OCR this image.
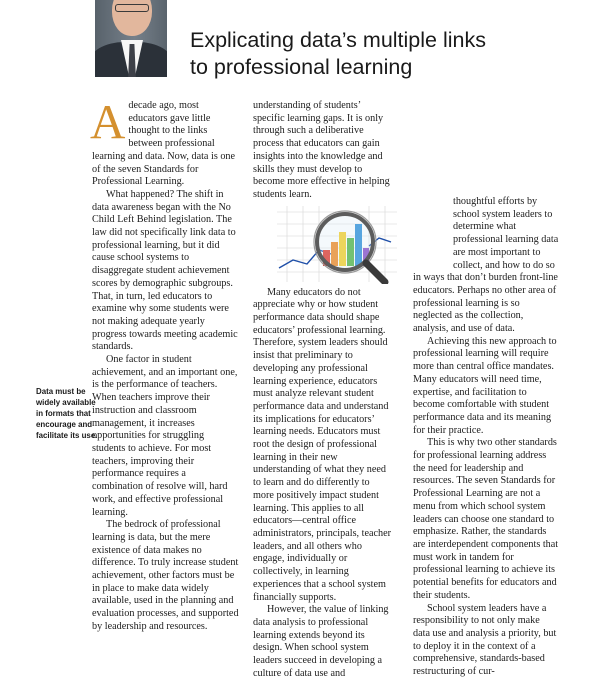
Explicating data’s multiple links
to professional learning
Data must be widely available in formats that encourage and facilitate its use.
A decade ago, most educators gave little thought to the links between professional learning and data. Now, data is one of the seven Standards for Professional Learning.

What happened? The shift in data awareness began with the No Child Left Behind legislation. The law did not specifically link data to professional learning, but it did cause school systems to disaggregate student achievement scores by demographic subgroups. That, in turn, led educators to examine why some students were not making adequate yearly progress towards meeting academic standards.

One factor in student achievement, and an important one, is the performance of teachers. When teachers improve their instruction and classroom management, it increases opportunities for struggling students to achieve. For most teachers, improving their performance requires a combination of resolve will, hard work, and effective professional learning.

The bedrock of professional learning is data, but the mere existence of data makes no difference. To truly increase student achievement, other factors must be in place to make data widely available, used in the planning and evaluation processes, and supported by leadership and resources.

understanding of students’ specific learning gaps. It is only through such a deliberative process that educators can gain insights into the knowledge and skills they must develop to become more effective in helping students learn.

Many educators do not appreciate why or how student performance data should shape educators’ professional learning. Therefore, system leaders should insist that preliminary to developing any professional learning experience, educators must analyze relevant student performance data and understand its implications for educators’ learning needs. Educators must root the design of professional learning in their new understanding of what they need to learn and do differently to more positively impact student learning. This applies to all educators—central office administrators, principals, teacher leaders, and all others who engage, individually or collectively, in learning experiences that a school system financially supports.

However, the value of linking data analysis to professional learning extends beyond its design. When school system leaders succeed in developing a culture of data use and

thoughtful efforts by school system leaders to determine what professional learning data are most important to collect, and how to do so in ways that don’t burden front-line educators. Perhaps no other area of professional learning is so neglected as the collection, analysis, and use of data.

Achieving this new approach to professional learning will require more than central office mandates. Many educators will need time, expertise, and facilitation to become comfortable with student performance data and its meaning for their practice.

This is why two other standards for professional learning address the need for leadership and resources. The seven Standards for Professional Learning are not a menu from which school system leaders can choose one standard to emphasize. Rather, the standards are interdependent components that must work in tandem for professional learning to achieve its potential benefits for educators and their students.

School system leaders have a responsibility to not only make data use and analysis a priority, but to deploy it in the context of a comprehensive, standards-based restructuring of cur-
